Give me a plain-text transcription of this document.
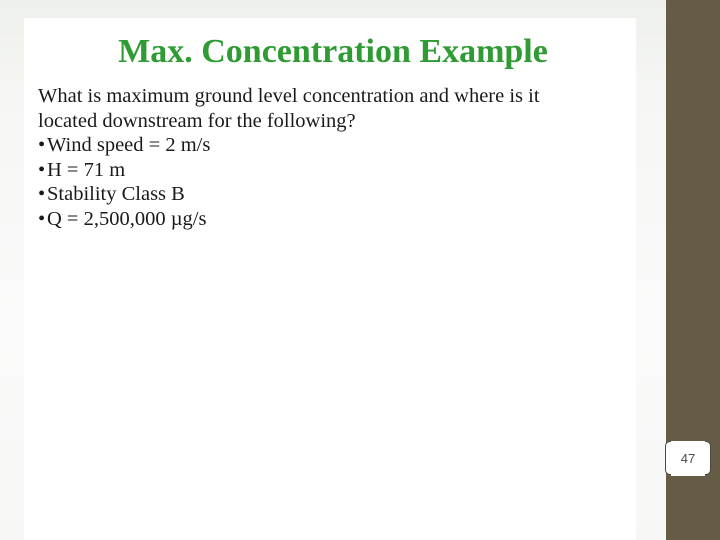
Max. Concentration Example

What is maximum ground level concentration and where is it

located downstream for the following?

•Wind speed = 2 m/s
•H = 71 m
•Stability Class B
•Q = 2,500,000 µg/s
47
